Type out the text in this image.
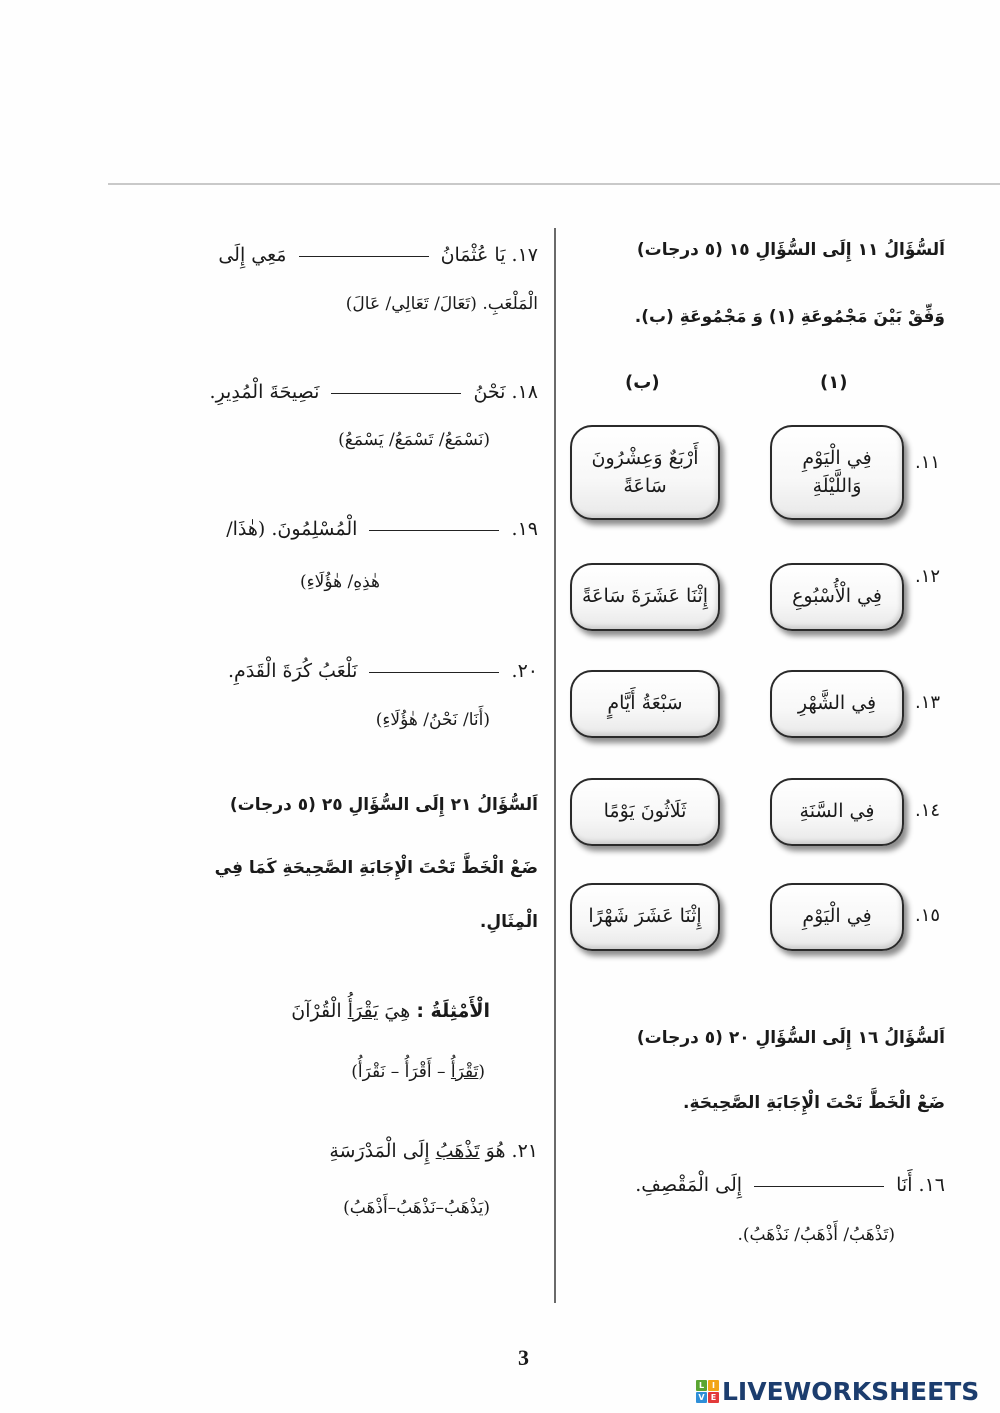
اَلسُّؤَالُ ١١ إِلَى السُّؤَالِ ١٥ (٥ درجات)
وَفِّقْ بَيْنَ مَجْمُوعَةِ (١) وَ مَجْمُوعَةِ (ب).
(١)
(ب)
١١.
فِي الْيَوْمِ وَاللَّيْلَةِ
أَرْبَعٌ وَعِشْرُونَ سَاعَةً
١٢.
فِي الْأُسْبُوعِ
إِثْنَا عَشَرَةَ سَاعَةً
١٣.
فِي الشَّهْرِ
سَبْعَةُ أَيَّامٍ
١٤.
فِي السَّنَةِ
ثَلَاثُونَ يَوْمًا
١٥.
فِي الْيَوْمِ
إِثْنَا عَشَرَ شَهْرًا
اَلسُّؤَالُ ١٦ إِلَى السُّؤَالِ ٢٠ (٥ درجات)
ضَعْ الْخَطَّ تَحْتَ الْإِجَابَةِ الصَّحِيحَةِ.
١٦. أَنَا  إِلَى الْمَقْصِفِ.
(تَذْهَبُ/ أَذْهَبُ/ نَذْهَبُ).
١٧. يَا عُثْمَانُ  مَعِي إِلَى
الْمَلْعَبِ. (تَعَالَ/ تَعَالِي/ عَالَ)
١٨. نَحْنُ  نَصِيحَةَ الْمُدِيرِ.
(نَسْمَعُ/ تَسْمَعُ/ يَسْمَعُ)
١٩.  الْمُسْلِمُونَ. (هٰذَا/
هٰذِهِ/ هٰؤُلَاءِ)
٢٠.  نَلْعَبُ كُرَةَ الْقَدَمِ.
(أَنَا/ نَحْنُ/ هٰؤُلَاءِ)
اَلسُّؤَالُ ٢١ إِلَى السُّؤَالِ ٢٥ (٥ درجات)
ضَعْ الْخَطَّ تَحْتَ الْإِجَابَةِ الصَّحِيحَةِ كَمَا فِي
الْمِثَالِ.
الْأَمْثِلَةُ : هِيَ يَقْرَأُ الْقُرْآنَ
(تَقْرَأُ – أَقْرَأُ – نَقْرَأُ)
٢١. هُوَ تَذْهَبُ إِلَى الْمَدْرَسَةِ
(يَذْهَبُ–نَذْهَبُ–أَذْهَبُ)
3
L I
V E LIVEWORKSHEETS
